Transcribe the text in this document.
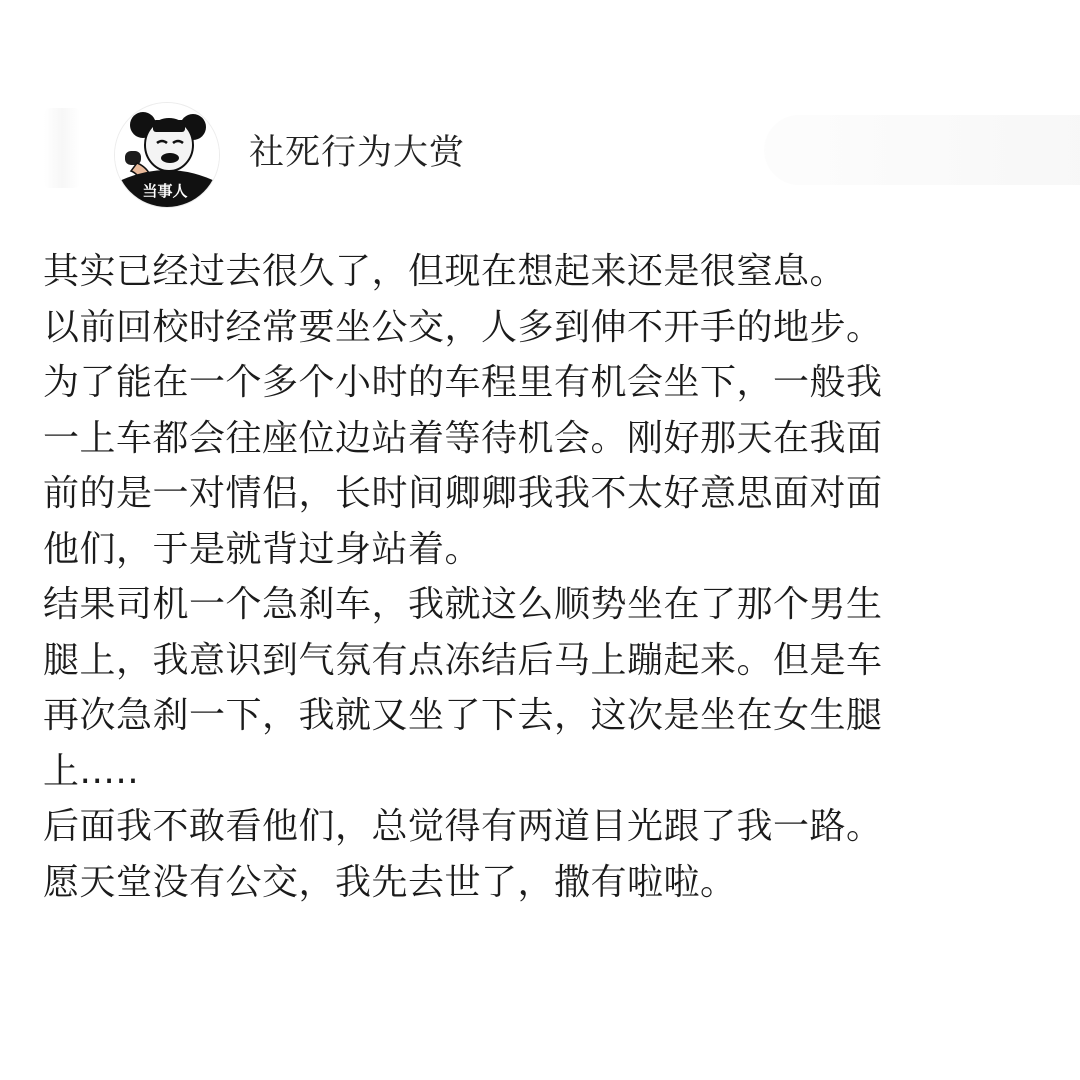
当事人
社死行为大赏
其实已经过去很久了，但现在想起来还是很窒息。
以前回校时经常要坐公交，人多到伸不开手的地步。
为了能在一个多个小时的车程里有机会坐下，一般我
一上车都会往座位边站着等待机会。刚好那天在我面
前的是一对情侣，长时间卿卿我我不太好意思面对面
他们，于是就背过身站着。
结果司机一个急刹车，我就这么顺势坐在了那个男生
腿上，我意识到气氛有点冻结后马上蹦起来。但是车
再次急刹一下，我就又坐了下去，这次是坐在女生腿
上.....
后面我不敢看他们，总觉得有两道目光跟了我一路。
愿天堂没有公交，我先去世了，撒有啦啦。
